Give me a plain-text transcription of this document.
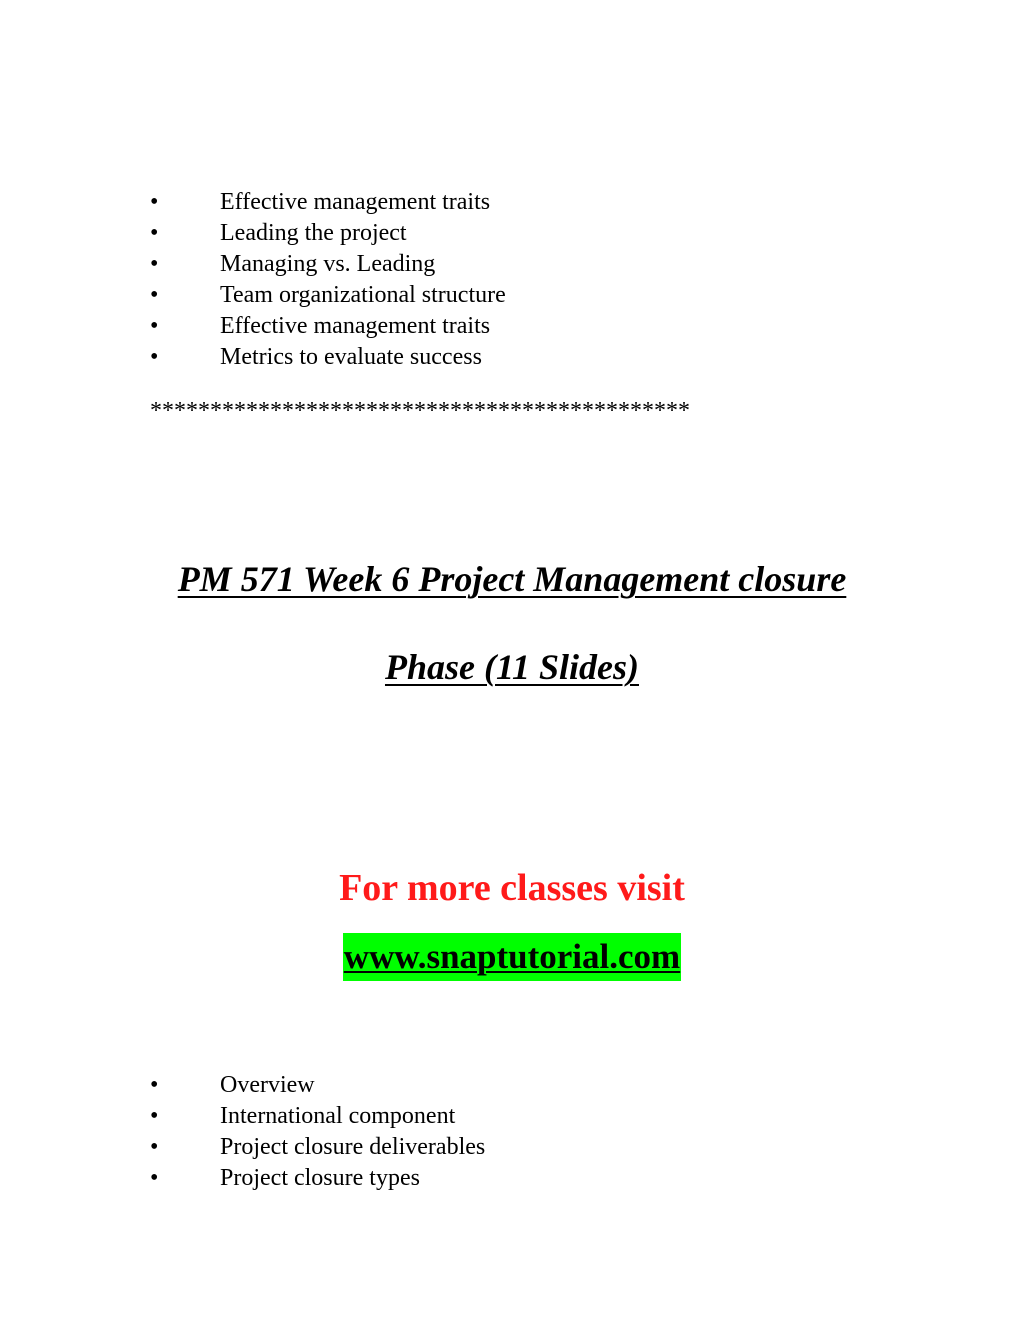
•	Effective management traits
•	Leading the project
•	Managing vs. Leading
•	Team organizational structure
•	Effective management traits
•	Metrics to evaluate success
*********************************************
PM 571 Week 6 Project Management closure
Phase (11 Slides)
For more classes visit
www.snaptutorial.com
•	Overview
•	International component
•	Project closure deliverables
•	Project closure types
